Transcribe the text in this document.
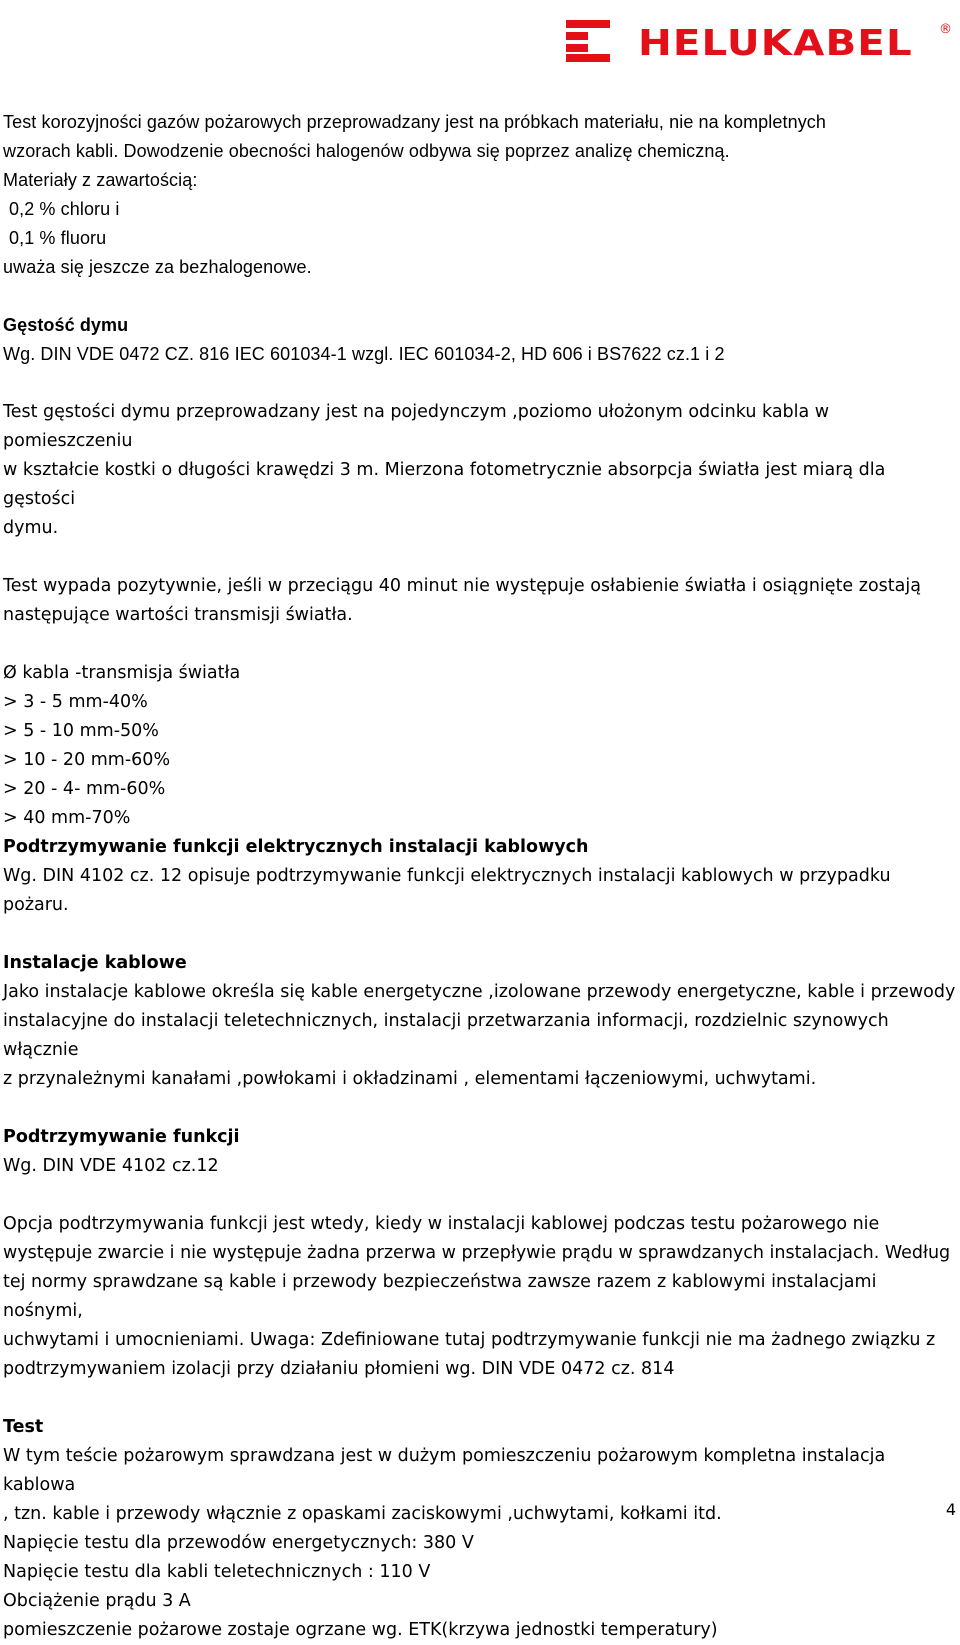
HELUKABEL ®

Test korozyjności gazów pożarowych przeprowadzany jest na próbkach materiału, nie na kompletnych

wzorach kabli. Dowodzenie obecności halogenów odbywa się poprzez analizę chemiczną.

Materiały z zawartością:

0,2 % chloru i

0,1 % fluoru

uważa się jeszcze za bezhalogenowe.

Gęstość dymu

Wg. DIN VDE 0472 CZ. 816 IEC 601034-1 wzgl. IEC 601034-2, HD 606 i BS7622 cz.1 i 2

Test gęstości dymu przeprowadzany jest na pojedynczym ,poziomo ułożonym odcinku kabla w pomieszczeniu

w kształcie kostki o długości krawędzi 3 m. Mierzona fotometrycznie absorpcja światła jest miarą dla gęstości

dymu.

Test wypada pozytywnie, jeśli w przeciągu 40 minut nie występuje osłabienie światła i osiągnięte zostają

następujące wartości transmisji światła.

Ø kabla -transmisja światła

> 3 - 5 mm-40%

> 5 - 10 mm-50%

> 10 - 20 mm-60%

> 20 - 4- mm-60%

> 40 mm-70%

Podtrzymywanie funkcji elektrycznych instalacji kablowych

Wg. DIN 4102 cz. 12 opisuje podtrzymywanie funkcji elektrycznych instalacji kablowych w przypadku pożaru.

Instalacje kablowe

Jako instalacje kablowe określa się kable energetyczne ,izolowane przewody energetyczne, kable i przewody

instalacyjne do instalacji teletechnicznych, instalacji przetwarzania informacji, rozdzielnic szynowych włącznie

z przynależnymi kanałami ,powłokami i okładzinami , elementami łączeniowymi, uchwytami.

Podtrzymywanie funkcji

Wg. DIN VDE 4102 cz.12

Opcja podtrzymywania funkcji jest wtedy, kiedy w instalacji kablowej podczas testu pożarowego nie

występuje zwarcie i nie występuje żadna przerwa w przepływie prądu w sprawdzanych instalacjach. Według

tej normy sprawdzane są kable i przewody bezpieczeństwa zawsze razem z kablowymi instalacjami nośnymi,

uchwytami i umocnieniami. Uwaga: Zdefiniowane tutaj podtrzymywanie funkcji nie ma żadnego związku z

podtrzymywaniem izolacji przy działaniu płomieni wg. DIN VDE 0472 cz. 814

Test

W tym teście pożarowym sprawdzana jest w dużym pomieszczeniu pożarowym kompletna instalacja kablowa

, tzn. kable i przewody włącznie z opaskami zaciskowymi ,uchwytami, kołkami itd.

Napięcie testu dla przewodów energetycznych: 380 V

Napięcie testu dla kabli teletechnicznych : 110 V

Obciążenie prądu 3 A

pomieszczenie pożarowe zostaje ogrzane wg. ETK(krzywa jednostki temperatury)

4
